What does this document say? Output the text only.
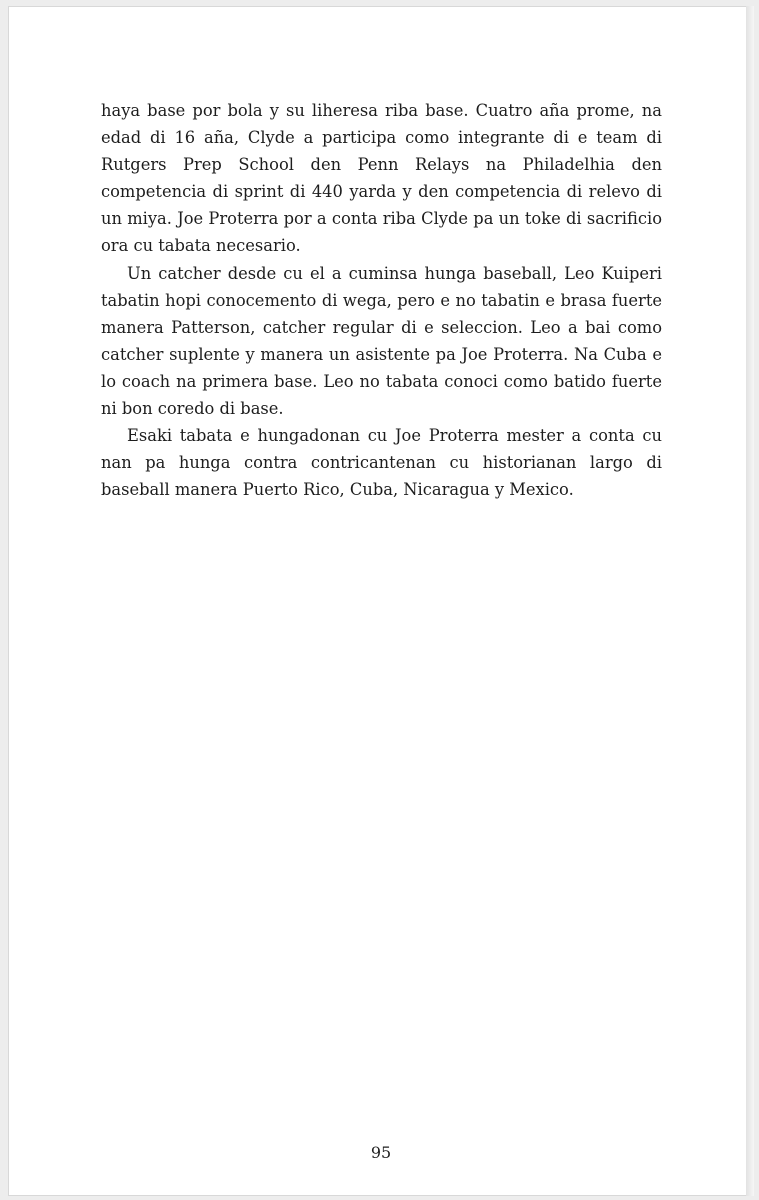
haya base por bola y su liheresa riba base. Cuatro aña prome, na edad di 16 aña, Clyde a participa como integrante di e team di Rutgers Prep School den Penn Relays na Philadelhia den competencia di sprint di 440 yarda y den competencia di relevo di un miya. Joe Proterra por a conta riba Clyde pa un toke di sacrificio ora cu tabata necesario.

Un catcher desde cu el a cuminsa hunga baseball, Leo Kuiperi tabatin hopi conocemento di wega, pero e no tabatin e brasa fuerte manera Patterson, catcher regular di e seleccion. Leo a bai como catcher suplente y manera un asistente pa Joe Proterra. Na Cuba e lo coach na primera base. Leo no tabata conoci como batido fuerte ni bon coredo di base.

Esaki tabata e hungadonan cu Joe Proterra mester a conta cu nan pa hunga contra contricantenan cu historianan largo di baseball manera Puerto Rico, Cuba, Nicaragua y Mexico.

95
